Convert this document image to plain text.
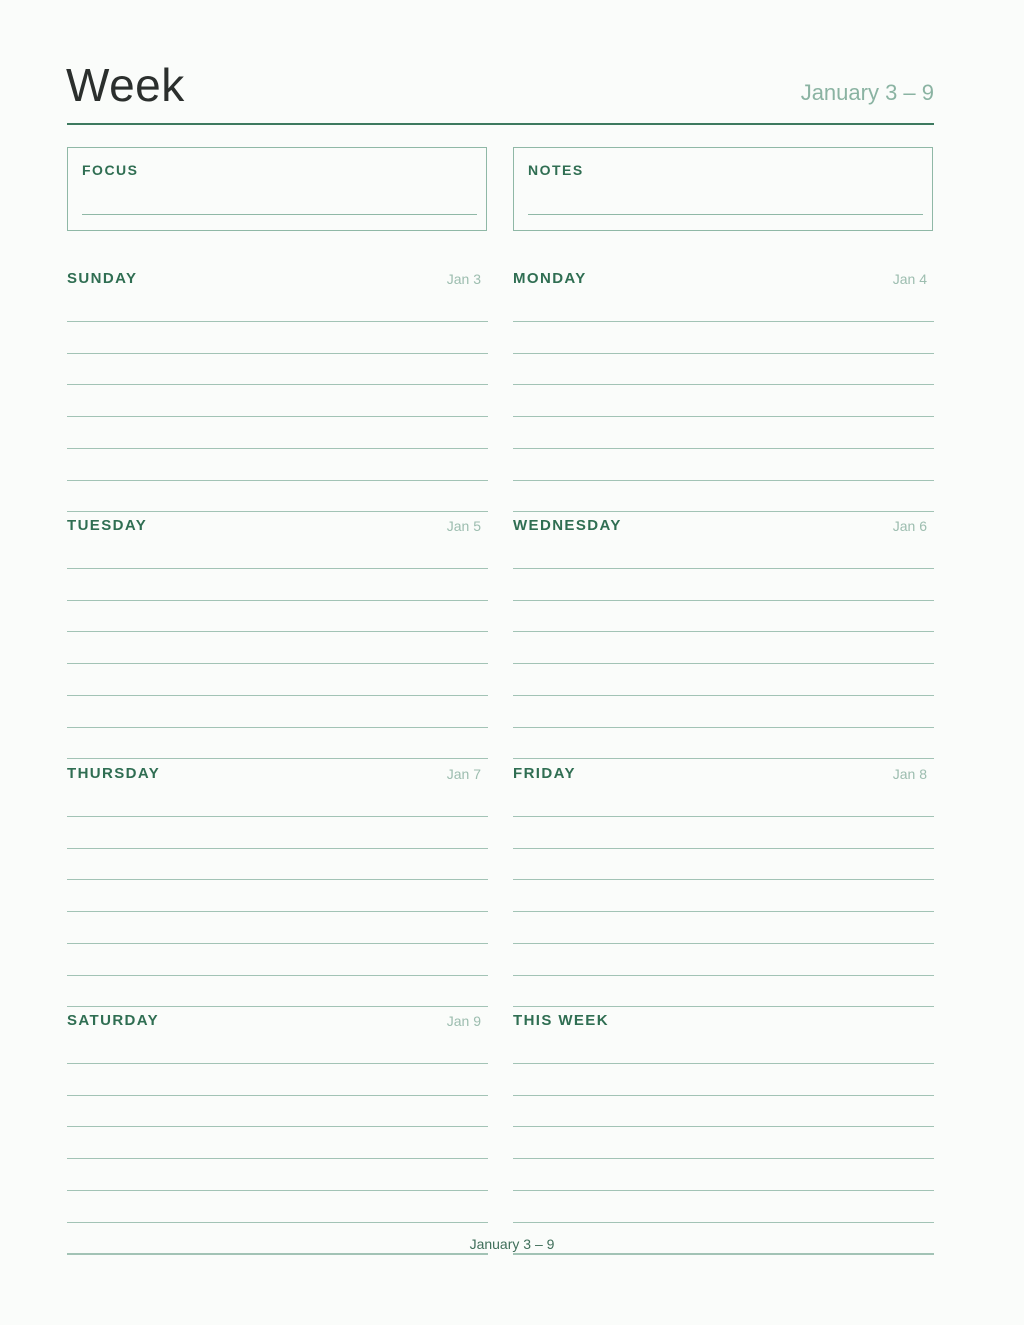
Week	January 3 – 9
FOCUS	NOTES
SUNDAY	Jan 3 MONDAY	Jan 4
TUESDAY	Jan 5 WEDNESDAY	Jan 6
THURSDAY	Jan 7 FRIDAY	Jan 8
SATURDAY	Jan 9 THIS WEEK
January 3 – 9
